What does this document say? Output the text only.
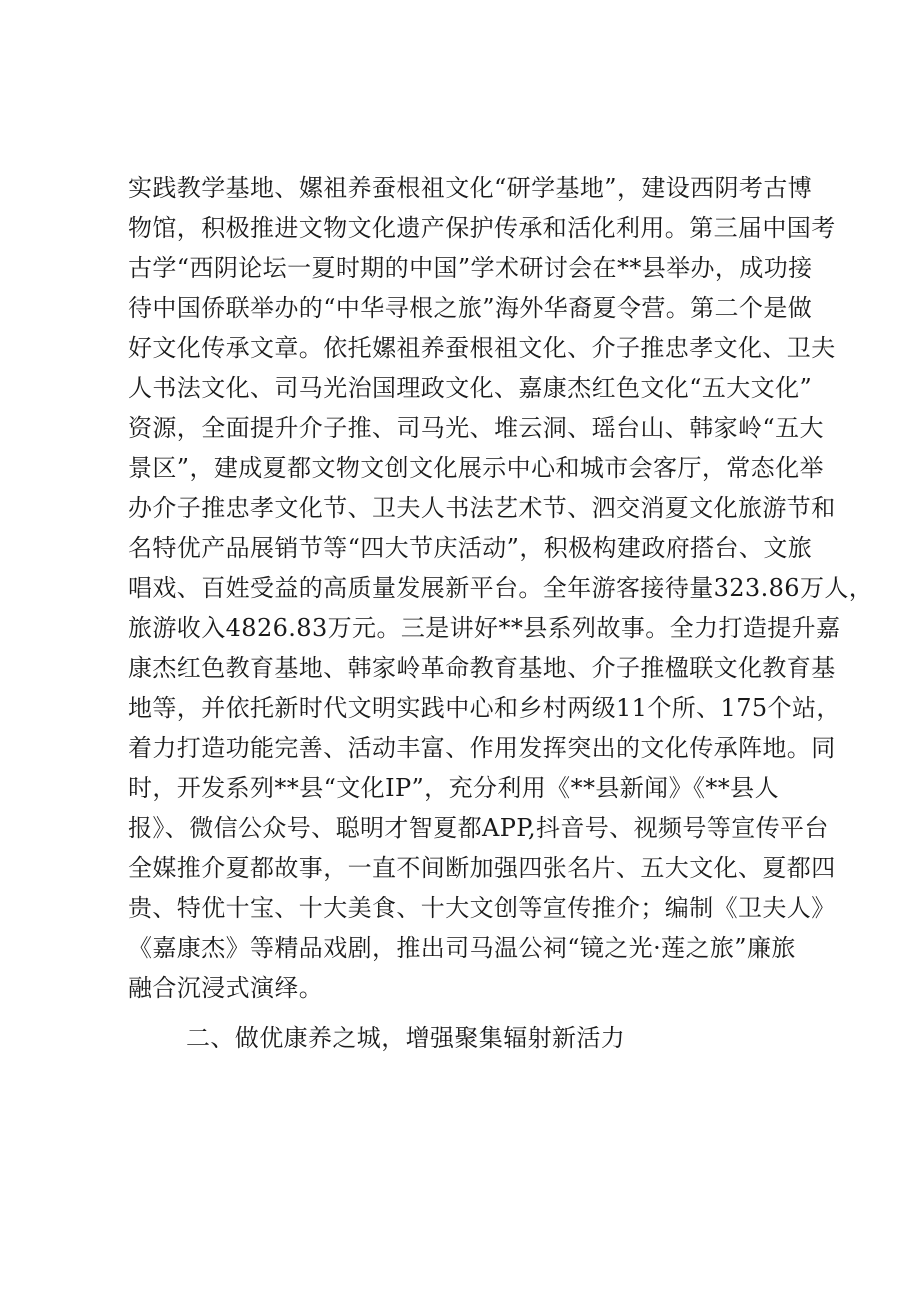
实践教学基地、嫘祖养蚕根祖文化“研学基地”，建设西阴考古博
物馆，积极推进文物文化遗产保护传承和活化利用。第三届中国考
古学“西阴论坛一夏时期的中国”学术研讨会在**县举办，成功接
待中国侨联举办的“中华寻根之旅”海外华裔夏令营。第二个是做
好文化传承文章。依托嫘祖养蚕根祖文化、介子推忠孝文化、卫夫
人书法文化、司马光治国理政文化、嘉康杰红色文化“五大文化”
资源，全面提升介子推、司马光、堆云洞、瑶台山、韩家岭“五大
景区”，建成夏都文物文创文化展示中心和城市会客厅，常态化举
办介子推忠孝文化节、卫夫人书法艺术节、泗交消夏文化旅游节和
名特优产品展销节等“四大节庆活动”，积极构建政府搭台、文旅
唱戏、百姓受益的高质量发展新平台。全年游客接待量323.86万人，
旅游收入4826.83万元。三是讲好**县系列故事。全力打造提升嘉
康杰红色教育基地、韩家岭革命教育基地、介子推楹联文化教育基
地等，并依托新时代文明实践中心和乡村两级11个所、175个站，
着力打造功能完善、活动丰富、作用发挥突出的文化传承阵地。同
时，开发系列**县“文化IP”，充分利用《**县新闻》《**县人
报》、微信公众号、聪明才智夏都APP,抖音号、视频号等宣传平台
全媒推介夏都故事，一直不间断加强四张名片、五大文化、夏都四
贵、特优十宝、十大美食、十大文创等宣传推介；编制《卫夫人》
《嘉康杰》等精品戏剧，推出司马温公祠“镜之光·莲之旅”廉旅
融合沉浸式演绎。
二、做优康养之城，增强聚集辐射新活力
